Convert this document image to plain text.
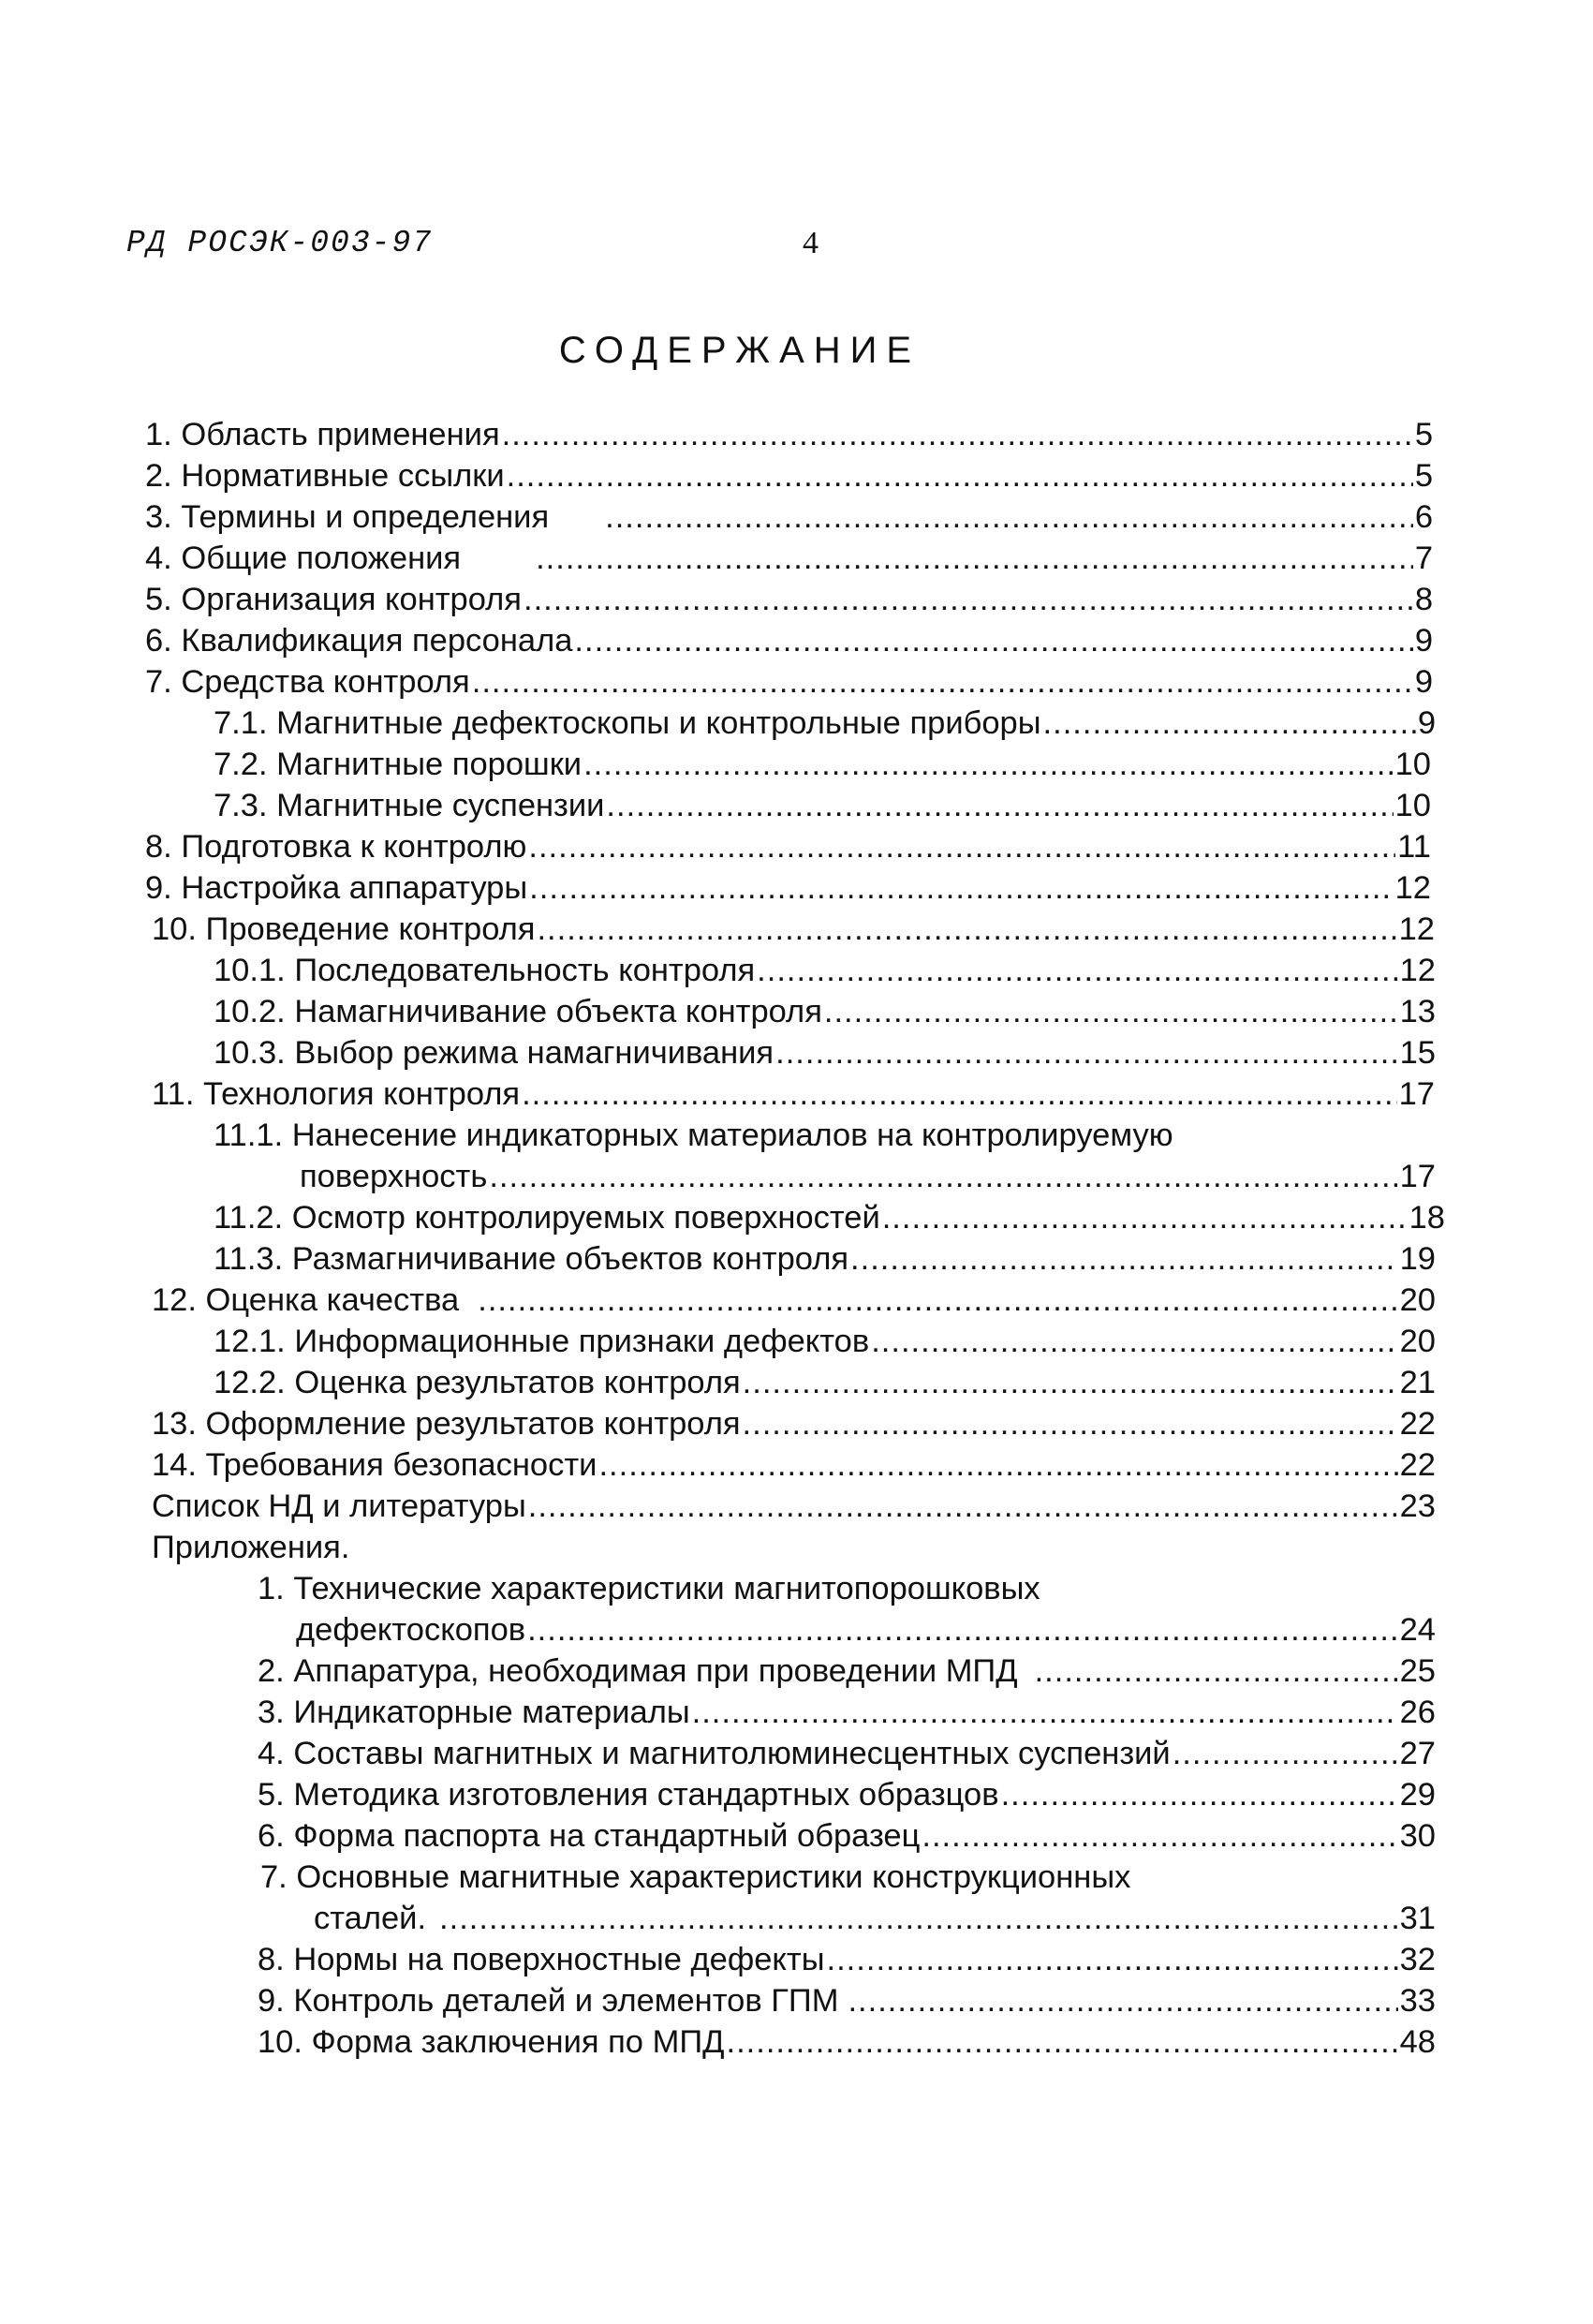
РД РОСЭК-003-97	4
СОДЕРЖАНИЕ
1. Область применения .....	5
2. Нормативные ссылки .....	5
3. Термины и определения .....	6
4. Общие положения .....	7
5. Организация контроля .....	8
6. Квалификация персонала .....	9
7. Средства контроля .....	9
7.1. Магнитные дефектоскопы и контрольные приборы .....	9
7.2. Магнитные порошки .....	10
7.3. Магнитные суспензии .....	10
8. Подготовка к контролю .....	11
9. Настройка аппаратуры .....	12
10. Проведение контроля .....	12
10.1. Последовательность контроля .....	12
10.2. Намагничивание объекта контроля .....	13
10.3. Выбор режима намагничивания .....	15
11. Технология контроля .....	17
11.1. Нанесение индикаторных материалов на контролируемую
поверхность .....	17
11.2. Осмотр контролируемых поверхностей .....	18
11.3. Размагничивание объектов контроля .....	19
12. Оценка качества .....	20
12.1. Информационные признаки дефектов .....	20
12.2. Оценка результатов контроля .....	21
13. Оформление результатов контроля .....	22
14. Требования безопасности .....	22
Список НД и литературы .....	23
Приложения.
1. Технические характеристики магнитопорошковых
дефектоскопов .....	24
2. Аппаратура, необходимая при проведении МПД .....	25
3. Индикаторные материалы .....	26
4. Составы магнитных и магнитолюминесцентных суспензий .....	27
5. Методика изготовления стандартных образцов .....	29
6. Форма паспорта на стандартный образец .....	30
7. Основные магнитные характеристики конструкционных
сталей. .....	31
8. Нормы на поверхностные дефекты .....	32
9. Контроль деталей и элементов ГПМ .....	33
10. Форма заключения по МПД .....	48
